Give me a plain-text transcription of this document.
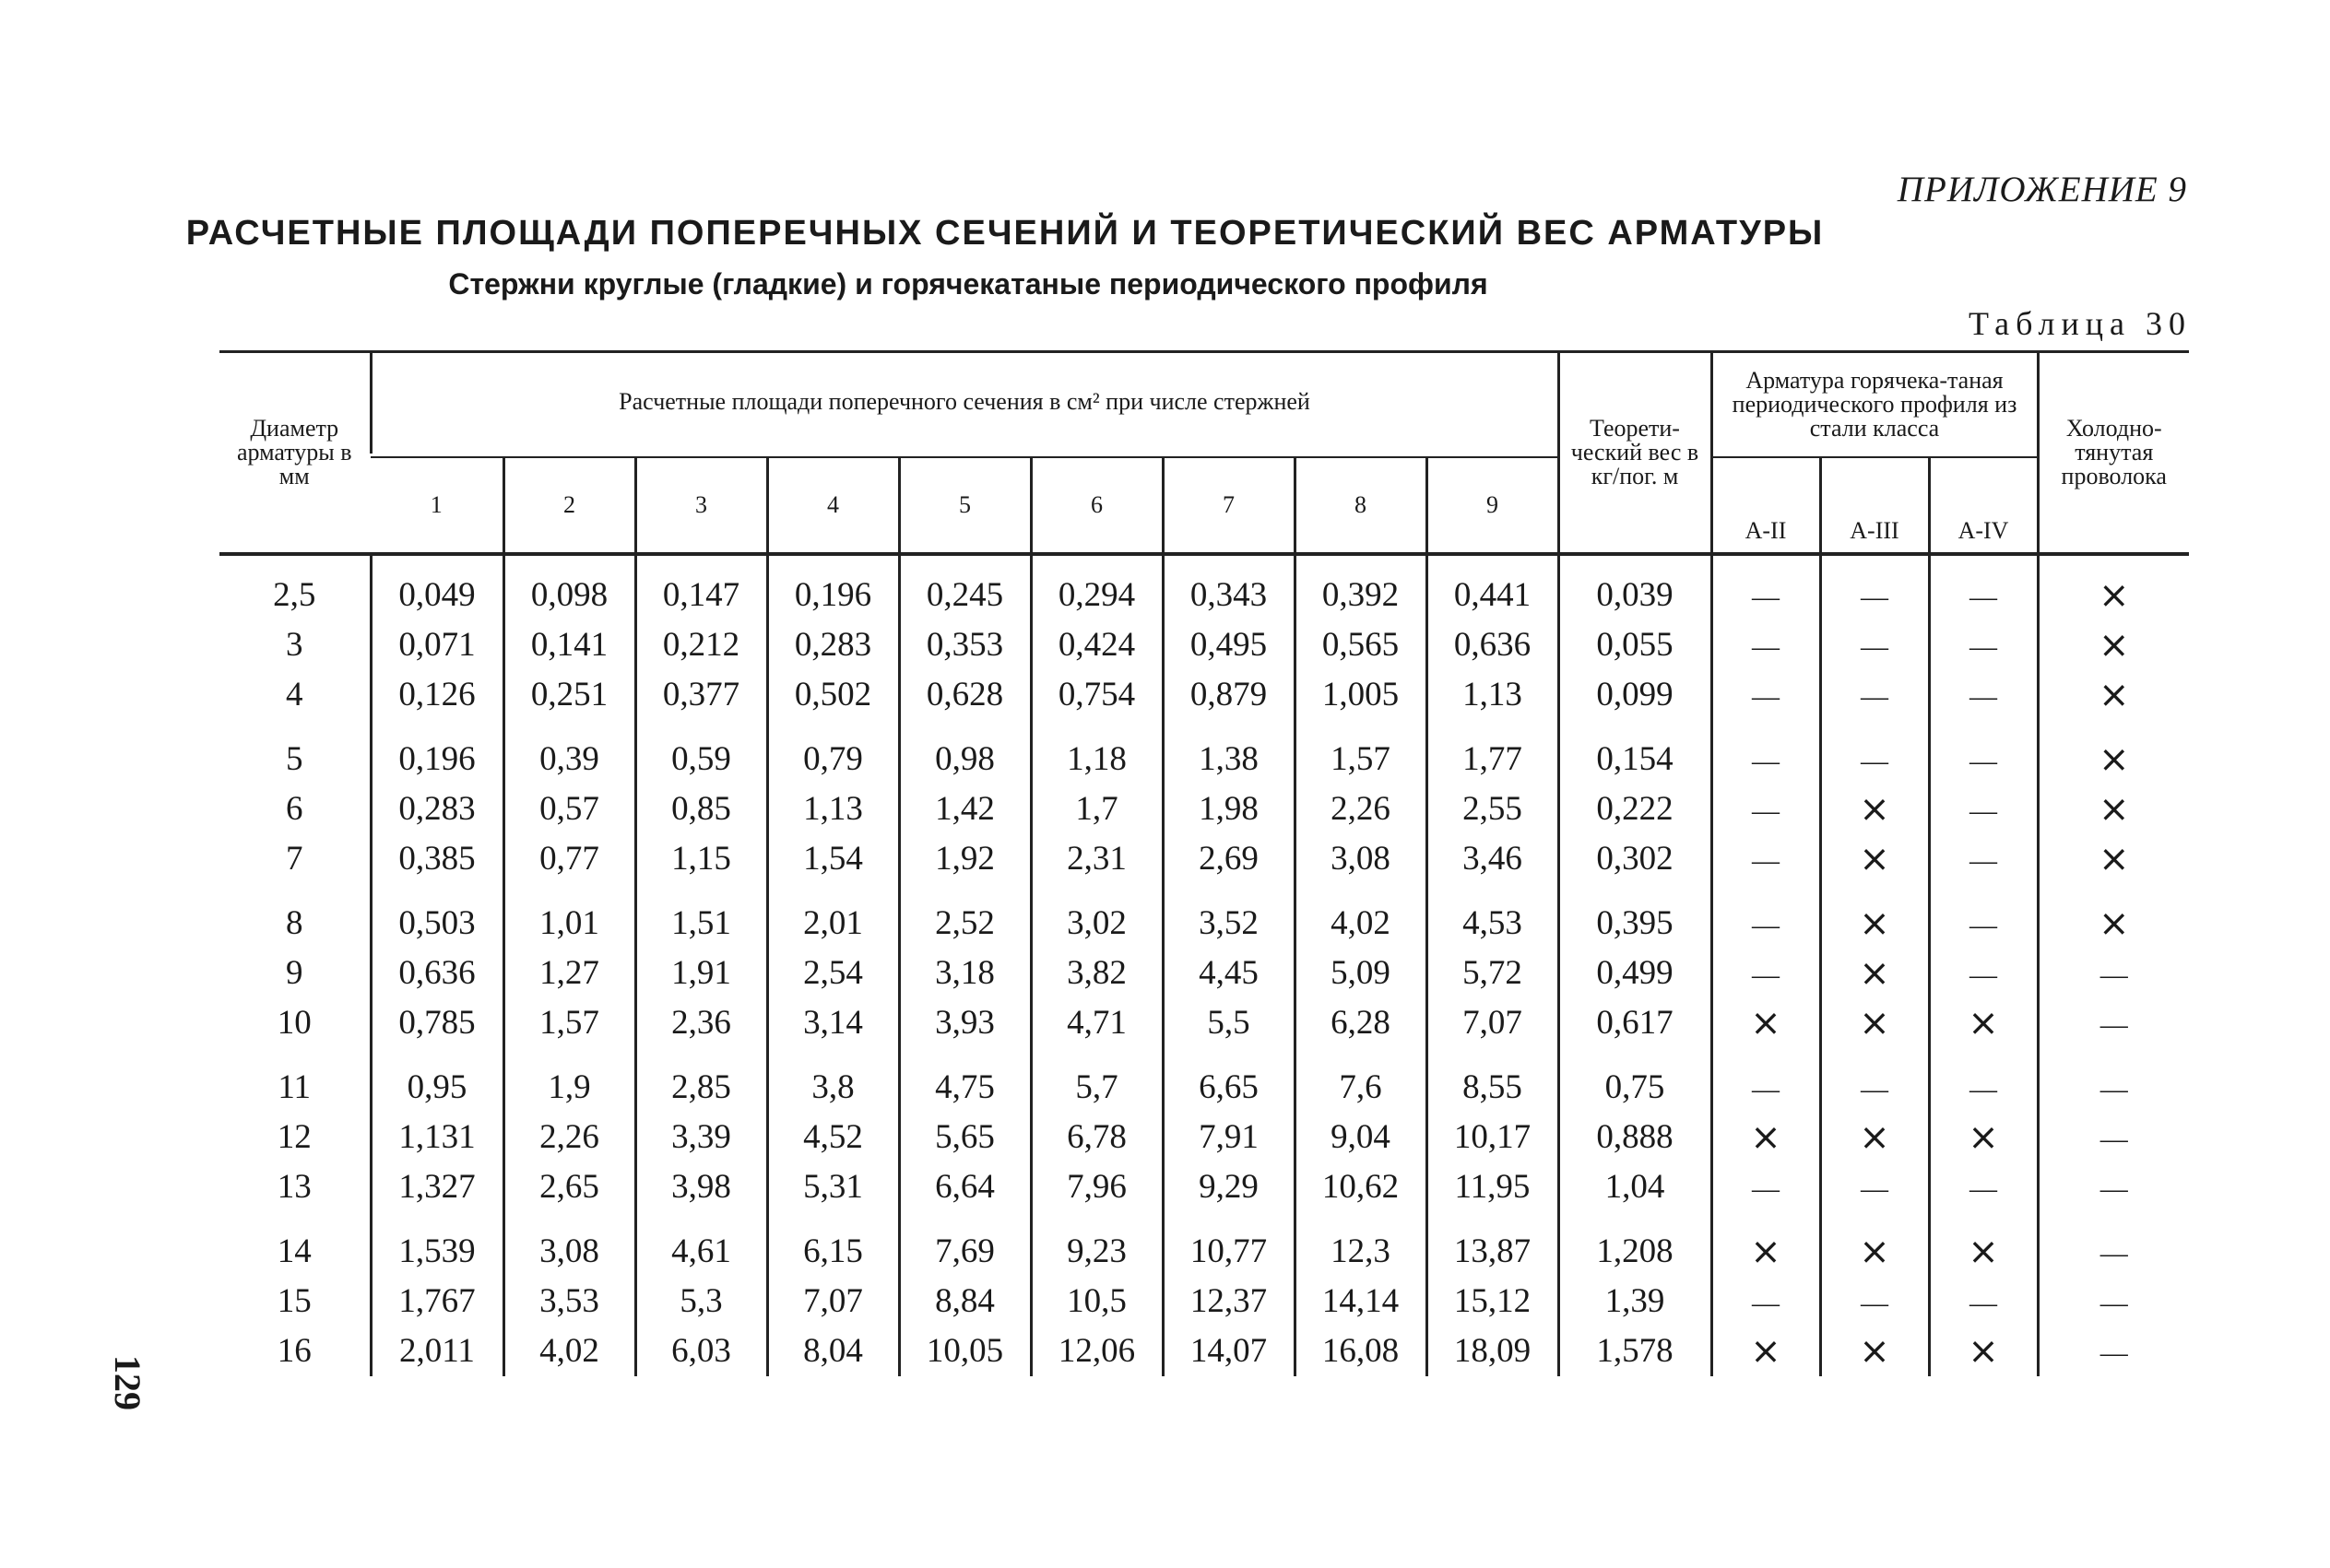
ПРИЛОЖЕНИЕ 9
РАСЧЕТНЫЕ ПЛОЩАДИ ПОПЕРЕЧНЫХ СЕЧЕНИЙ И ТЕОРЕТИЧЕСКИЙ ВЕС АРМАТУРЫ
Стержни круглые (гладкие) и горячекатаные периодического профиля
Таблица 30
129
Диаметр арматуры в мм	Расчетные площади поперечного сечения в см² при числе стержней									Теорети-ческий вес в кг/пог. м	Арматура горячека-таная периодического профиля из стали класса			Холодно-тянутая проволока

	1	2	3	4	5	6	7	8	9		A-II	A-III	A-IV	
2,5	0,049	0,098	0,147	0,196	0,245	0,294	0,343	0,392	0,441	0,039	—	—	—	×
3	0,071	0,141	0,212	0,283	0,353	0,424	0,495	0,565	0,636	0,055	—	—	—	×
4	0,126	0,251	0,377	0,502	0,628	0,754	0,879	1,005	1,13	0,099	—	—	—	×
5	0,196	0,39	0,59	0,79	0,98	1,18	1,38	1,57	1,77	0,154	—	—	—	×
6	0,283	0,57	0,85	1,13	1,42	1,7	1,98	2,26	2,55	0,222	—	×	—	×
7	0,385	0,77	1,15	1,54	1,92	2,31	2,69	3,08	3,46	0,302	—	×	—	×
8	0,503	1,01	1,51	2,01	2,52	3,02	3,52	4,02	4,53	0,395	—	×	—	×
9	0,636	1,27	1,91	2,54	3,18	3,82	4,45	5,09	5,72	0,499	—	×	—	—
10	0,785	1,57	2,36	3,14	3,93	4,71	5,5	6,28	7,07	0,617	×	×	×	—
11	0,95	1,9	2,85	3,8	4,75	5,7	6,65	7,6	8,55	0,75	—	—	—	—
12	1,131	2,26	3,39	4,52	5,65	6,78	7,91	9,04	10,17	0,888	×	×	×	—
13	1,327	2,65	3,98	5,31	6,64	7,96	9,29	10,62	11,95	1,04	—	—	—	—
14	1,539	3,08	4,61	6,15	7,69	9,23	10,77	12,3	13,87	1,208	×	×	×	—
15	1,767	3,53	5,3	7,07	8,84	10,5	12,37	14,14	15,12	1,39	—	—	—	—
16	2,011	4,02	6,03	8,04	10,05	12,06	14,07	16,08	18,09	1,578	×	×	×	—
